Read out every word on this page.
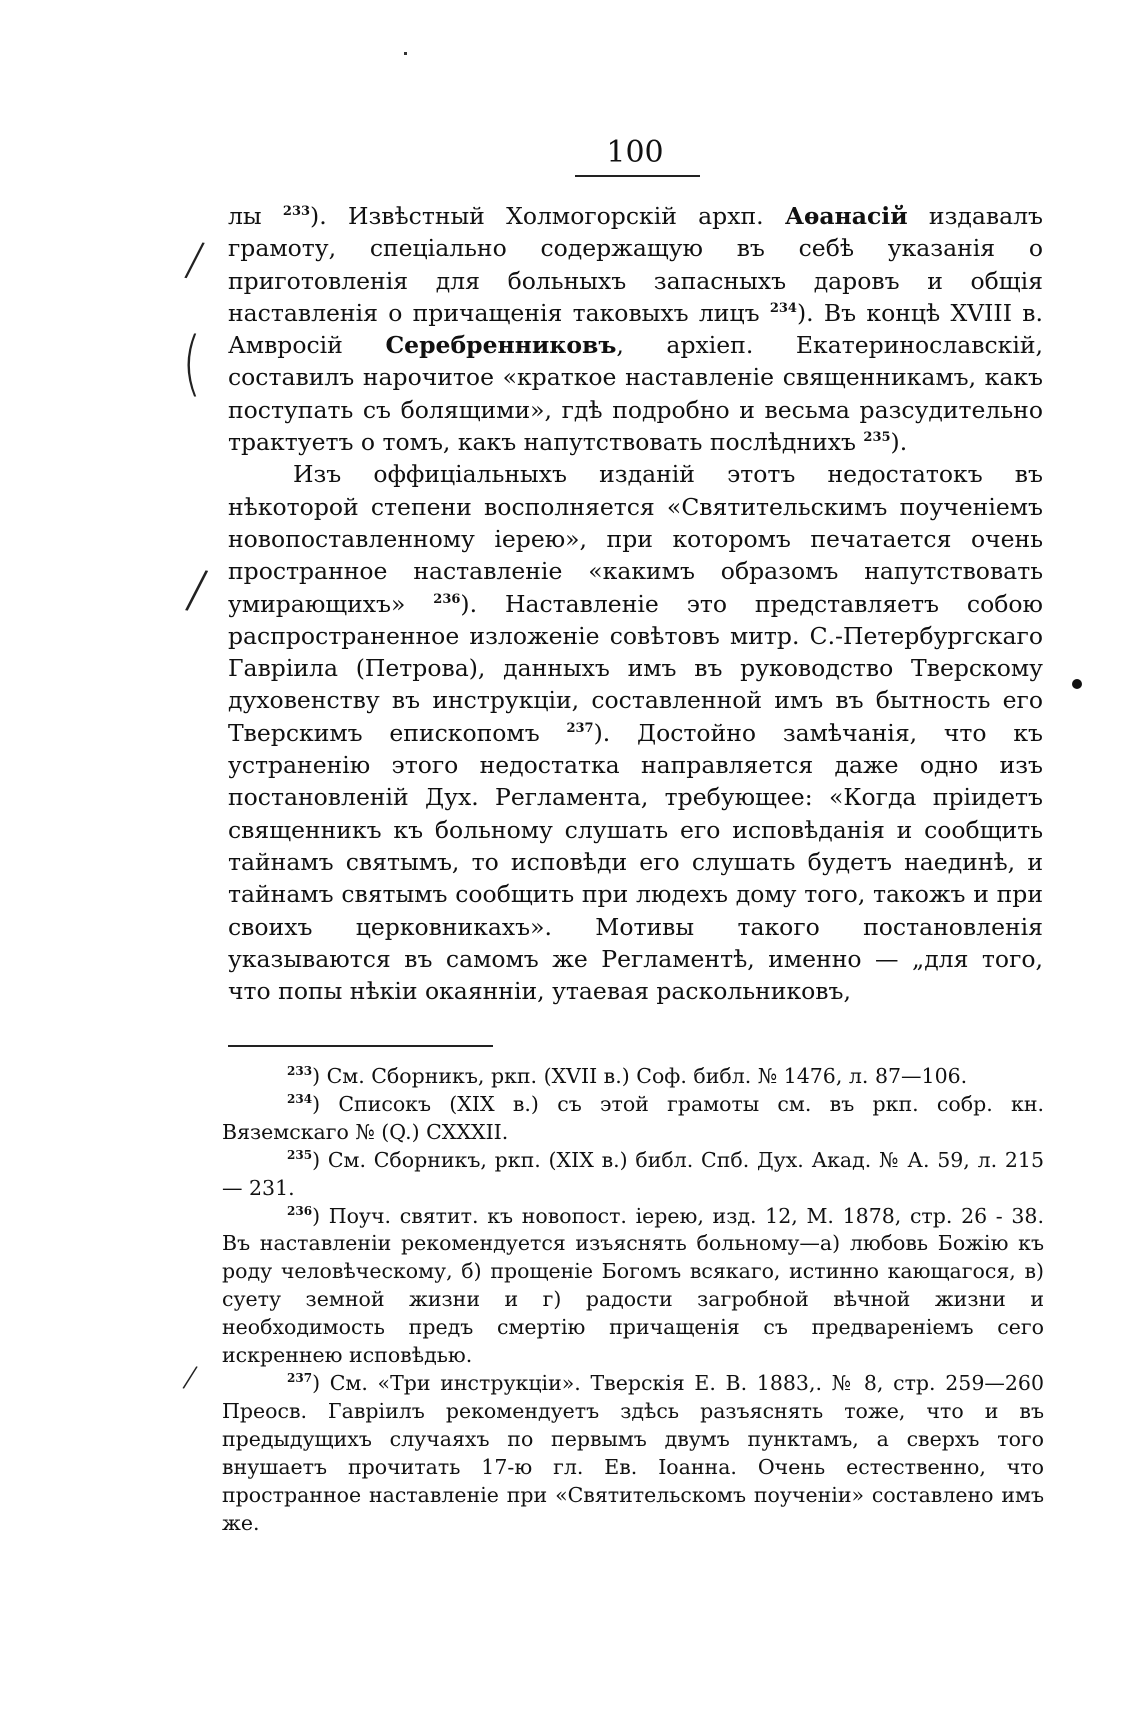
100
/
(
/
/

лы $^{233}$). Извѣстный Холмогорскій архп. Аѳанасій издавалъ грамоту, спеціально содержащую въ себѣ указанія о приготовленія для больныхъ запасныхъ даровъ и общія наставленія о причащенія таковыхъ лицъ $^{234}$). Въ концѣ XVIII в. Амвросій Серебренниковъ, архіеп. Екатеринославскій, составилъ нарочитое «краткое наставленіе священникамъ, какъ поступать съ болящими», гдѣ подробно и весьма разсудительно трактуетъ о томъ, какъ напутствовать послѣднихъ $^{235}$).

Изъ оффиціальныхъ изданій этотъ недостатокъ въ нѣкоторой степени восполняется «Святительскимъ поученіемъ новопоставленному іерею», при которомъ печатается очень пространное наставленіе «какимъ образомъ напутствовать умирающихъ» $^{236}$). Наставленіе это представляетъ собою распространенное изложеніе совѣтовъ митр. С.-Петербургскаго Гавріила (Петрова), данныхъ имъ въ руководство Тверскому духовенству въ инструкціи, составленной имъ въ бытность его Тверскимъ епископомъ $^{237}$). Достойно замѣчанія, что къ устраненію этого недостатка направляется даже одно изъ постановленій Дух. Регламента, требующее: «Когда пріидетъ священникъ къ больному слушать его исповѣданія и сообщить тайнамъ святымъ, то исповѣди его слушать будетъ наединѣ, и тайнамъ святымъ сообщить при людехъ дому того, такожъ и при своихъ церковникахъ». Мотивы такого постановленія указываются въ самомъ же Регламентѣ, именно — „для того, что попы нѣкіи окаянніи, утаевая раскольниковъ,

$^{233}$) См. Сборникъ, ркп. (XVII в.) Соф. библ. № 1476, л. 87—106.

$^{234}$) Списокъ (XIX в.) съ этой грамоты см. въ ркп. собр. кн. Вяземскаго № (Q.) CXXXII.

$^{235}$) См. Сборникъ, ркп. (XIX в.) библ. Спб. Дух. Акад. № А. 59, л. 215 — 231.

$^{236}$) Поуч. святит. къ новопост. іерею, изд. 12, М. 1878, стр. 26 - 38. Въ наставленіи рекомендуется изъяснять больному—а) любовь Божію къ роду человѣческому, б) прощеніе Богомъ всякаго, истинно кающагося, в) суету земной жизни и г) радости загробной вѣчной жизни и необходимость предъ смертію причащенія съ предвареніемъ сего искреннею исповѣдью.

$^{237}$) См. «Три инструкціи». Тверскія Е. В. 1883,. № 8, стр. 259—260 Преосв. Гавріилъ рекомендуетъ здѣсь разъяснять тоже, что и въ предыдущихъ случаяхъ по первымъ двумъ пунктамъ, а сверхъ того внушаетъ прочитать 17-ю гл. Ев. Іоанна. Очень естественно, что пространное наставленіе при «Святительскомъ поученіи» составлено имъ же.
